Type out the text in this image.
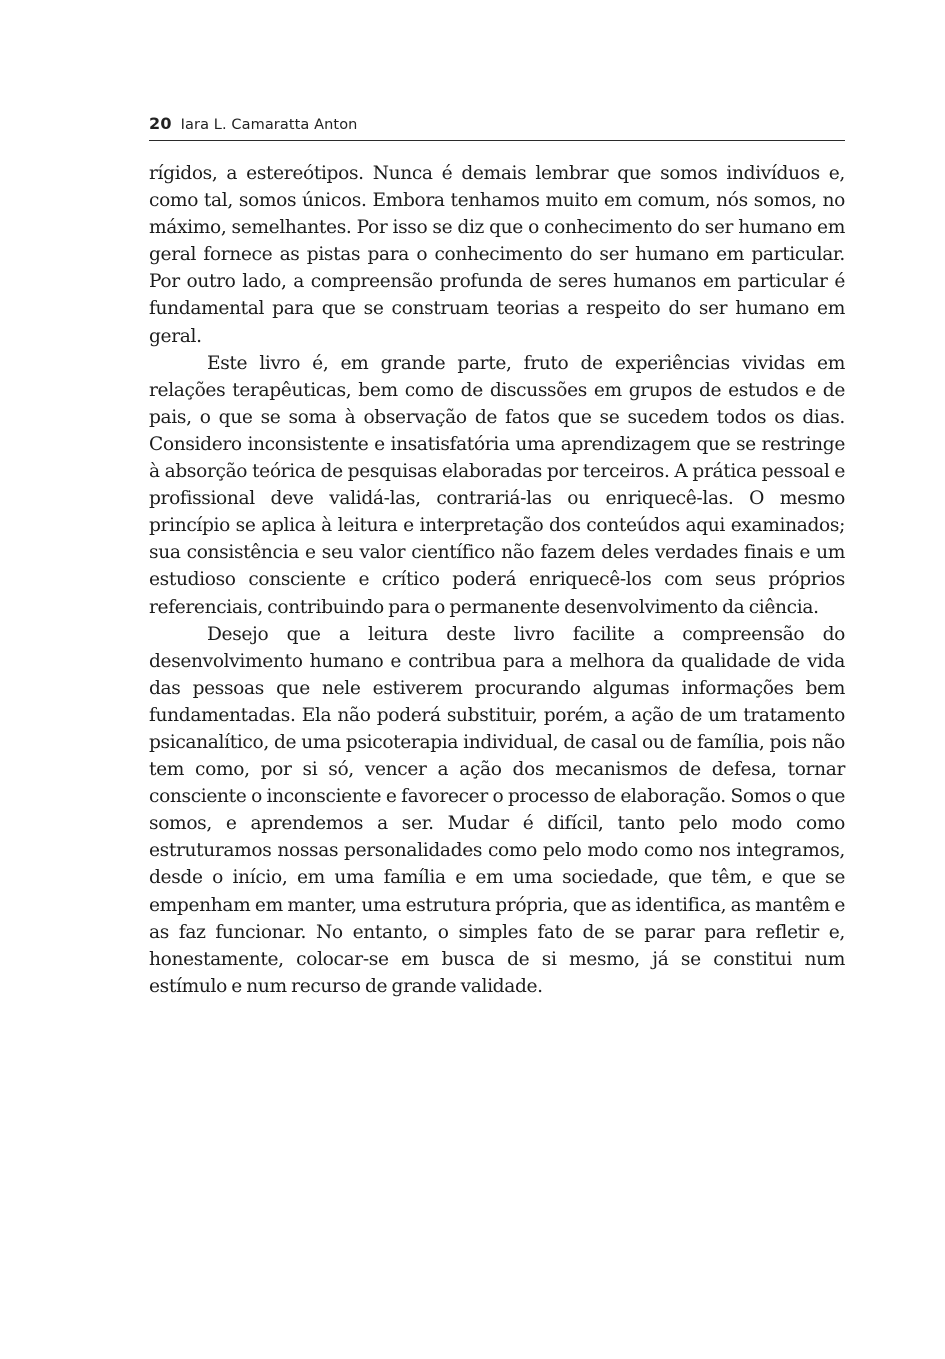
20 Iara L. Camaratta Anton

rígidos, a estereótipos. Nunca é demais lembrar que somos indivíduos e, como tal, somos únicos. Embora tenhamos muito em comum, nós somos, no máximo, semelhantes. Por isso se diz que o conhecimento do ser humano em geral fornece as pistas para o conhecimento do ser humano em particular. Por outro lado, a compreensão profunda de seres humanos em particular é fundamental para que se construam teorias a respeito do ser humano em geral.

Este livro é, em grande parte, fruto de experiências vividas em relações terapêuticas, bem como de discussões em grupos de estudos e de pais, o que se soma à observação de fatos que se sucedem todos os dias. Considero inconsistente e insatisfatória uma aprendizagem que se restringe à absorção teórica de pesquisas elaboradas por terceiros. A prática pessoal e profissional deve validá-las, contrariá-las ou enriquecê-las. O mesmo princípio se aplica à leitura e interpretação dos conteúdos aqui examinados; sua consistência e seu valor científico não fazem deles verdades finais e um estudioso consciente e crítico poderá enriquecê-los com seus próprios referenciais, contribuindo para o permanente desenvolvimento da ciência.

Desejo que a leitura deste livro facilite a compreensão do desenvolvimento humano e contribua para a melhora da qualidade de vida das pessoas que nele estiverem procurando algumas informações bem fundamentadas. Ela não poderá substituir, porém, a ação de um tratamento psicanalítico, de uma psicoterapia individual, de casal ou de família, pois não tem como, por si só, vencer a ação dos mecanismos de defesa, tornar consciente o inconsciente e favorecer o processo de elaboração. Somos o que somos, e aprendemos a ser. Mudar é difícil, tanto pelo modo como estruturamos nossas personalidades como pelo modo como nos integramos, desde o início, em uma família e em uma sociedade, que têm, e que se empenham em manter, uma estrutura própria, que as identifica, as mantêm e as faz funcionar. No entanto, o simples fato de se parar para refletir e, honestamente, colocar-se em busca de si mesmo, já se constitui num estímulo e num recurso de grande validade.
